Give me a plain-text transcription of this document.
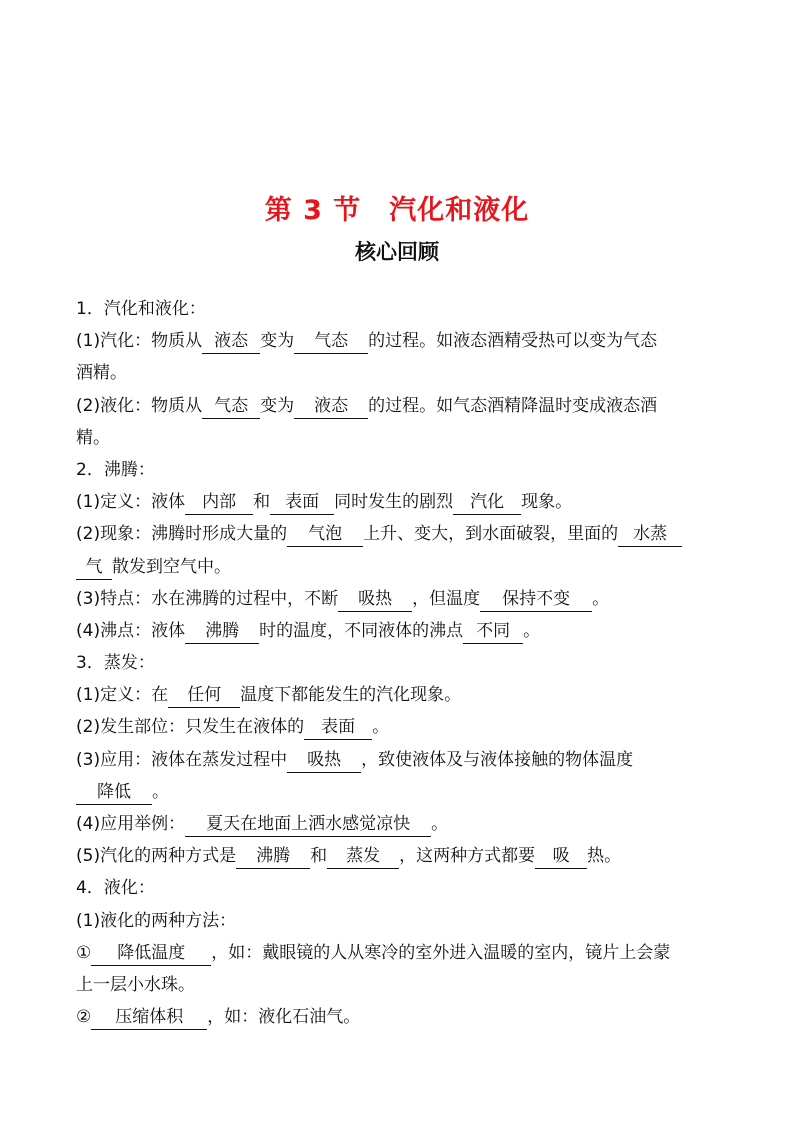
第 3 节　汽化和液化
核心回顾
1．汽化和液化：
(1)汽化：物质从 液态 变为 气态 的过程。如液态酒精受热可以变为气态
酒精。
(2)液化：物质从 气态 变为 液态 的过程。如气态酒精降温时变成液态酒
精。
2．沸腾：
(1)定义：液体 内部 和 表面 同时发生的剧烈 汽化 现象。
(2)现象：沸腾时形成大量的 气泡 上升、变大，到水面破裂，里面的 水蒸
气 散发到空气中。
(3)特点：水在沸腾的过程中，不断 吸热 ，但温度 保持不变 。
(4)沸点：液体 沸腾 时的温度，不同液体的沸点 不同 。
3．蒸发：
(1)定义：在 任何 温度下都能发生的汽化现象。
(2)发生部位：只发生在液体的 表面 。
(3)应用：液体在蒸发过程中 吸热 ，致使液体及与液体接触的物体温度
降低 。
(4)应用举例： 夏天在地面上洒水感觉凉快 。
(5)汽化的两种方式是 沸腾 和 蒸发 ，这两种方式都要 吸 热。
4．液化：
(1)液化的两种方法：
① 降低温度 ，如：戴眼镜的人从寒冷的室外进入温暖的室内，镜片上会蒙
上一层小水珠。
② 压缩体积 ，如：液化石油气。
